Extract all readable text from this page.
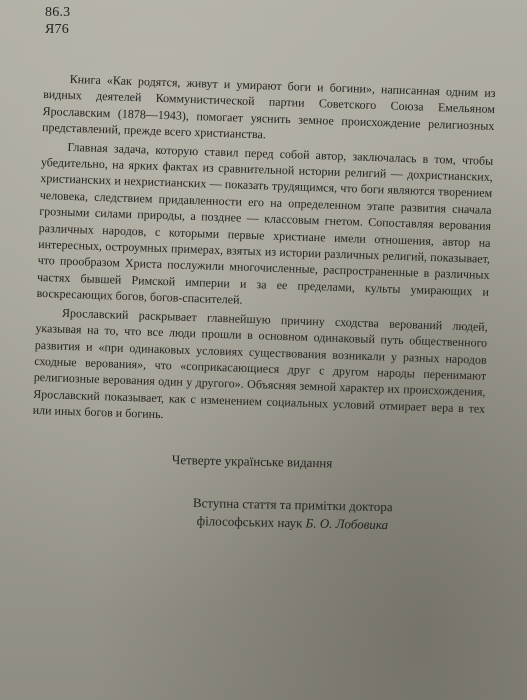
86.3
Я76

Книга «Как родятся, живут и умирают боги и богини», написанная одним из видных деятелей Коммунистической партии Советского Союза Емельяном Ярославским (1878—1943), помогает уяснить земное происхождение религиозных представлений, прежде всего христианства.

Главная задача, которую ставил перед собой автор, заключалась в том, чтобы убедительно, на ярких фактах из сравнительной истории религий — дохристианских, христианских и нехристианских — показать трудящимся, что боги являются творением человека, следствием придавленности его на определенном этапе развития сначала грозными силами природы, а позднее — классовым гнетом. Сопоставляя верования различных народов, с которыми первые христиане имели отношения, автор на интересных, остроумных примерах, взятых из истории различных религий, показывает, что прообразом Христа послужили многочисленные, распространенные в различных частях бывшей Римской империи и за ее пределами, культы умирающих и воскресающих богов, богов-спасителей.

Ярославский раскрывает главнейшую причину сходства верований людей, указывая на то, что все люди прошли в основном одинаковый путь общественного развития и «при одинаковых условиях существования возникали у разных народов сходные верования», что «соприкасающиеся друг с другом народы перенимают религиозные верования один у другого». Объясняя земной характер их происхождения, Ярославский показывает, как с изменением социальных условий отмирает вера в тех или иных богов и богинь.

Четверте українське видання
Вступна стаття та примітки доктора
філософських наук Б. О. Лобовика
